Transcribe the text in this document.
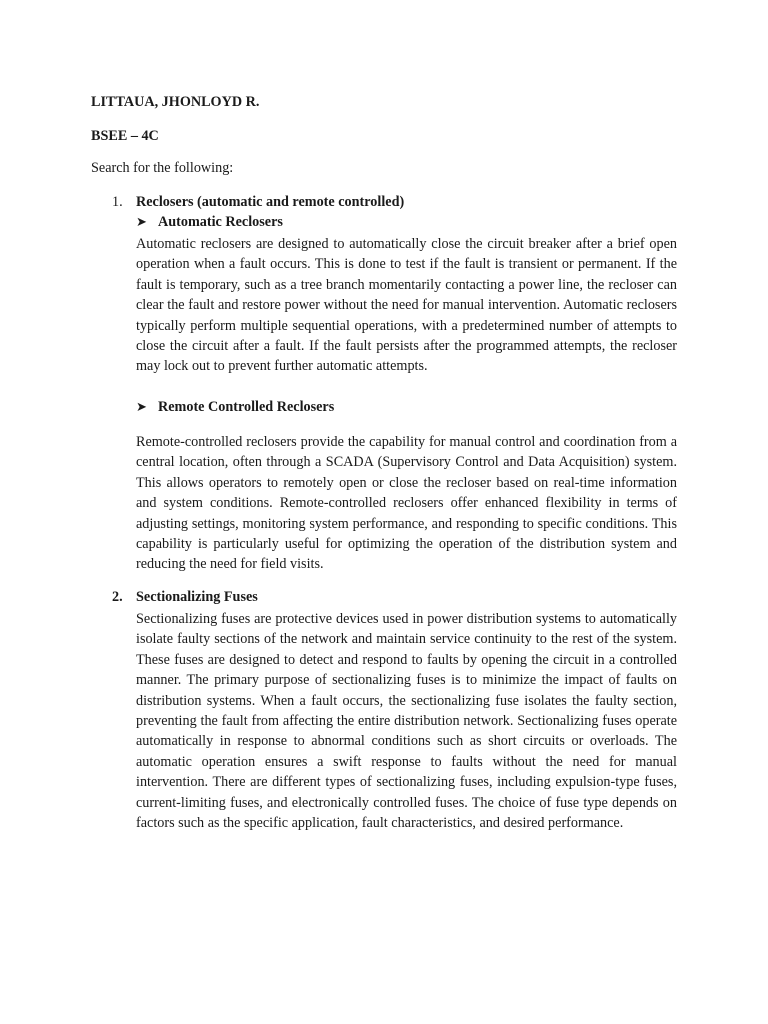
LITTAUA, JHONLOYD R.
BSEE – 4C
Search for the following:
1. Reclosers (automatic and remote controlled)
➤ Automatic Reclosers

Automatic reclosers are designed to automatically close the circuit breaker after a brief open operation when a fault occurs. This is done to test if the fault is transient or permanent. If the fault is temporary, such as a tree branch momentarily contacting a power line, the recloser can clear the fault and restore power without the need for manual intervention. Automatic reclosers typically perform multiple sequential operations, with a predetermined number of attempts to close the circuit after a fault. If the fault persists after the programmed attempts, the recloser may lock out to prevent further automatic attempts.

➤ Remote Controlled Reclosers

Remote-controlled reclosers provide the capability for manual control and coordination from a central location, often through a SCADA (Supervisory Control and Data Acquisition) system. This allows operators to remotely open or close the recloser based on real-time information and system conditions. Remote-controlled reclosers offer enhanced flexibility in terms of adjusting settings, monitoring system performance, and responding to specific conditions. This capability is particularly useful for optimizing the operation of the distribution system and reducing the need for field visits.

2. Sectionalizing Fuses

Sectionalizing fuses are protective devices used in power distribution systems to automatically isolate faulty sections of the network and maintain service continuity to the rest of the system. These fuses are designed to detect and respond to faults by opening the circuit in a controlled manner. The primary purpose of sectionalizing fuses is to minimize the impact of faults on distribution systems. When a fault occurs, the sectionalizing fuse isolates the faulty section, preventing the fault from affecting the entire distribution network. Sectionalizing fuses operate automatically in response to abnormal conditions such as short circuits or overloads. The automatic operation ensures a swift response to faults without the need for manual intervention. There are different types of sectionalizing fuses, including expulsion-type fuses, current-limiting fuses, and electronically controlled fuses. The choice of fuse type depends on factors such as the specific application, fault characteristics, and desired performance.
